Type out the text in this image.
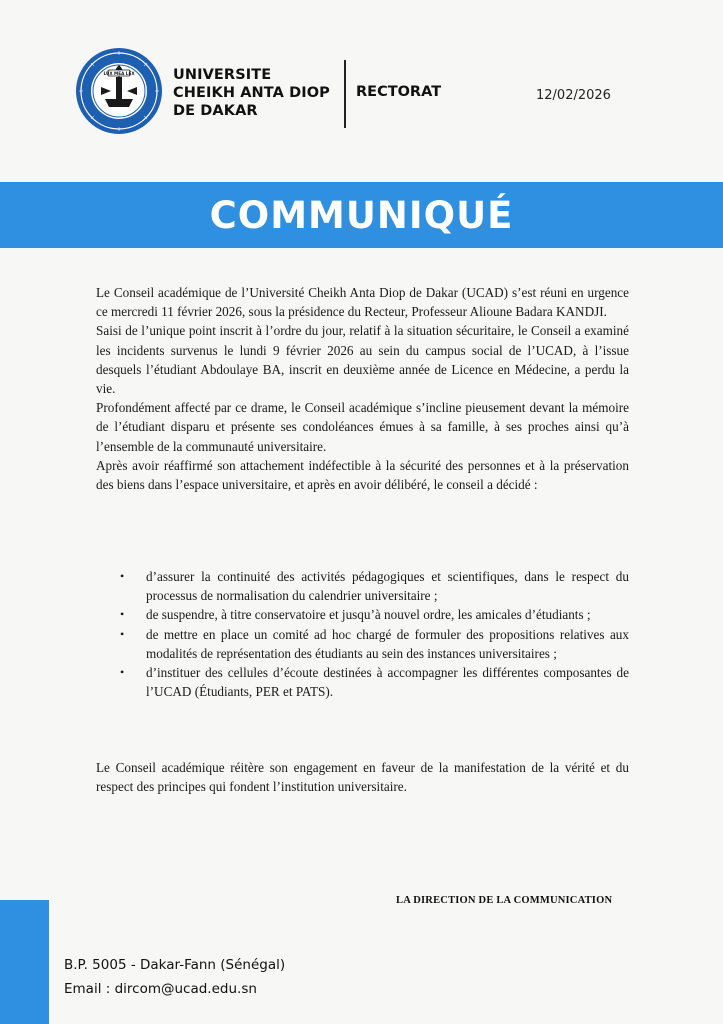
LUX MEA LEX	UNIVERSITE
CHEIKH ANTA DIOP
DE DAKAR
RECTORAT	12/02/2026
COMMUNIQUÉ

Le Conseil académique de l’Université Cheikh Anta Diop de Dakar (UCAD) s’est réuni en urgence ce mercredi 11 février 2026, sous la présidence du Recteur, Professeur Alioune Badara KANDJI.

Saisi de l’unique point inscrit à l’ordre du jour, relatif à la situation sécuritaire, le Conseil a examiné les incidents survenus le lundi 9 février 2026 au sein du campus social de l’UCAD, à l’issue desquels l’étudiant Abdoulaye BA, inscrit en deuxième année de Licence en Médecine, a perdu la vie.

Profondément affecté par ce drame, le Conseil académique s’incline pieusement devant la mémoire de l’étudiant disparu et présente ses condoléances émues à sa famille, à ses proches ainsi qu’à l’ensemble de la communauté universitaire.

Après avoir réaffirmé son attachement indéfectible à la sécurité des personnes et à la préservation des biens dans l’espace universitaire, et après en avoir délibéré, le conseil a décidé :

• d’assurer la continuité des activités pédagogiques et scientifiques, dans le respect du processus de normalisation du calendrier universitaire ;
• de suspendre, à titre conservatoire et jusqu’à nouvel ordre, les amicales d’étudiants ;
• de mettre en place un comité ad hoc chargé de formuler des propositions relatives aux modalités de représentation des étudiants au sein des instances universitaires ;
• d’instituer des cellules d’écoute destinées à accompagner les différentes composantes de l’UCAD (Étudiants, PER et PATS).

Le Conseil académique réitère son engagement en faveur de la manifestation de la vérité et du respect des principes qui fondent l’institution universitaire.

LA DIRECTION DE LA COMMUNICATION
B.P. 5005 - Dakar-Fann (Sénégal)
Email : dircom@ucad.edu.sn
